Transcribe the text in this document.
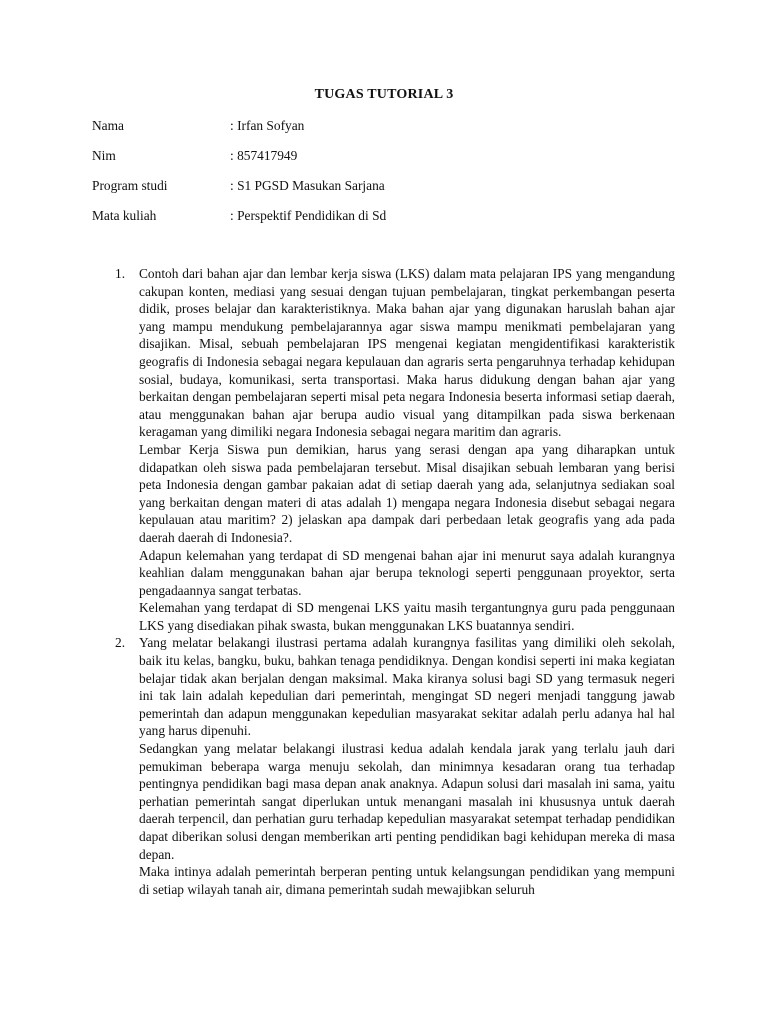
TUGAS TUTORIAL 3
Nama	: Irfan Sofyan
Nim	: 857417949
Program studi	: S1 PGSD Masukan Sarjana
Mata kuliah	: Perspektif Pendidikan di Sd
1. Contoh dari bahan ajar dan lembar kerja siswa (LKS) dalam mata pelajaran IPS yang mengandung cakupan konten, mediasi yang sesuai dengan tujuan pembelajaran, tingkat perkembangan peserta didik, proses belajar dan karakteristiknya. Maka bahan ajar yang digunakan haruslah bahan ajar yang mampu mendukung pembelajarannya agar siswa mampu menikmati pembelajaran yang disajikan. Misal, sebuah pembelajaran IPS mengenai kegiatan mengidentifikasi karakteristik geografis di Indonesia sebagai negara kepulauan dan agraris serta pengaruhnya terhadap kehidupan sosial, budaya, komunikasi, serta transportasi. Maka harus didukung dengan bahan ajar yang berkaitan dengan pembelajaran seperti misal peta negara Indonesia beserta informasi setiap daerah, atau menggunakan bahan ajar berupa audio visual yang ditampilkan pada siswa berkenaan keragaman yang dimiliki negara Indonesia sebagai negara maritim dan agraris.

Lembar Kerja Siswa pun demikian, harus yang serasi dengan apa yang diharapkan untuk didapatkan oleh siswa pada pembelajaran tersebut. Misal disajikan sebuah lembaran yang berisi peta Indonesia dengan gambar pakaian adat di setiap daerah yang ada, selanjutnya sediakan soal yang berkaitan dengan materi di atas adalah 1) mengapa negara Indonesia disebut sebagai negara kepulauan atau maritim? 2) jelaskan apa dampak dari perbedaan letak geografis yang ada pada daerah daerah di Indonesia?.

Adapun kelemahan yang terdapat di SD mengenai bahan ajar ini menurut saya adalah kurangnya keahlian dalam menggunakan bahan ajar berupa teknologi seperti penggunaan proyektor, serta pengadaannya sangat terbatas.

Kelemahan yang terdapat di SD mengenai LKS yaitu masih tergantungnya guru pada penggunaan LKS yang disediakan pihak swasta, bukan menggunakan LKS buatannya sendiri.

2. Yang melatar belakangi ilustrasi pertama adalah kurangnya fasilitas yang dimiliki oleh sekolah, baik itu kelas, bangku, buku, bahkan tenaga pendidiknya. Dengan kondisi seperti ini maka kegiatan belajar tidak akan berjalan dengan maksimal. Maka kiranya solusi bagi SD yang termasuk negeri ini tak lain adalah kepedulian dari pemerintah, mengingat SD negeri menjadi tanggung jawab pemerintah dan adapun menggunakan kepedulian masyarakat sekitar adalah perlu adanya hal hal yang harus dipenuhi.

Sedangkan yang melatar belakangi ilustrasi kedua adalah kendala jarak yang terlalu jauh dari pemukiman beberapa warga menuju sekolah, dan minimnya kesadaran orang tua terhadap pentingnya pendidikan bagi masa depan anak anaknya. Adapun solusi dari masalah ini sama, yaitu perhatian pemerintah sangat diperlukan untuk menangani masalah ini khususnya untuk daerah daerah terpencil, dan perhatian guru terhadap kepedulian masyarakat setempat terhadap pendidikan dapat diberikan solusi dengan memberikan arti penting pendidikan bagi kehidupan mereka di masa depan.

Maka intinya adalah pemerintah berperan penting untuk kelangsungan pendidikan yang mempuni di setiap wilayah tanah air, dimana pemerintah sudah mewajibkan seluruh
